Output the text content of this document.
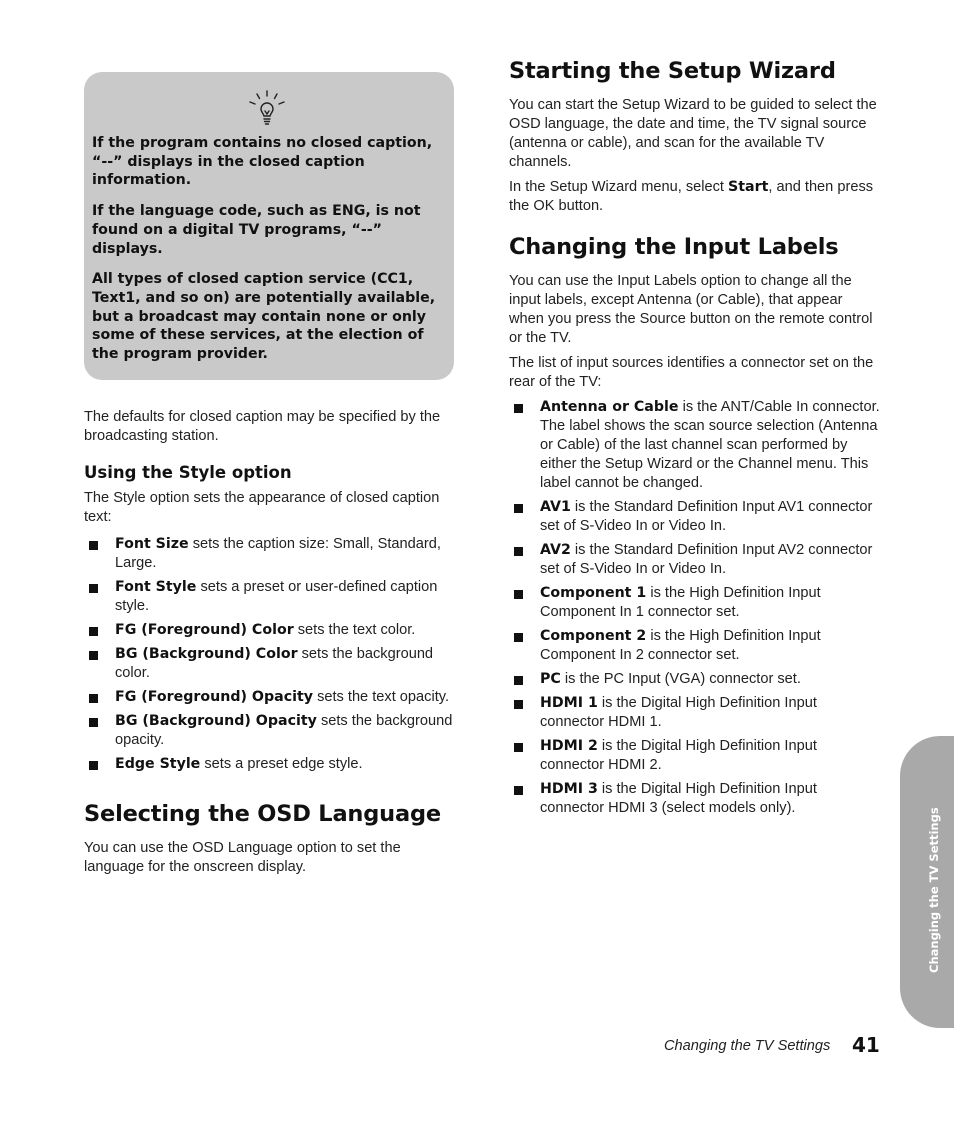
If the program contains no closed caption, “--” displays in the closed caption information.

If the language code, such as ENG, is not found on a digital TV programs, “--” displays.

All types of closed caption service (CC1, Text1, and so on) are potentially available, but a broadcast may contain none or only some of these services, at the election of the program provider.

The defaults for closed caption may be specified by the broadcasting station.

Using the Style option

The Style option sets the appearance of closed caption text:

Font Size sets the caption size: Small, Standard, Large.
Font Style sets a preset or user-defined caption style.
FG (Foreground) Color sets the text color.
BG (Background) Color sets the background color.
FG (Foreground) Opacity sets the text opacity.
BG (Background) Opacity sets the background opacity.
Edge Style sets a preset edge style.
Selecting the OSD Language

You can use the OSD Language option to set the language for the onscreen display.

Starting the Setup Wizard

You can start the Setup Wizard to be guided to select the OSD language, the date and time, the TV signal source (antenna or cable), and scan for the available TV channels.

In the Setup Wizard menu, select Start, and then press the OK button.

Changing the Input Labels

You can use the Input Labels option to change all the input labels, except Antenna (or Cable), that appear when you press the Source button on the remote control or the TV.

The list of input sources identifies a connector set on the rear of the TV:

Antenna or Cable is the ANT/Cable In connector. The label shows the scan source selection (Antenna or Cable) of the last channel scan performed by either the Setup Wizard or the Channel menu. This label cannot be changed.
AV1 is the Standard Definition Input AV1 connector set of S-Video In or Video In.
AV2 is the Standard Definition Input AV2 connector set of S-Video In or Video In.
Component 1 is the High Definition Input Component In 1 connector set.
Component 2 is the High Definition Input Component In 2 connector set.
PC is the PC Input (VGA) connector set.
HDMI 1 is the Digital High Definition Input connector HDMI 1.
HDMI 2 is the Digital High Definition Input connector HDMI 2.
HDMI 3 is the Digital High Definition Input connector HDMI 3 (select models only).	Changing the TV Settings
Changing the TV Settings 41
